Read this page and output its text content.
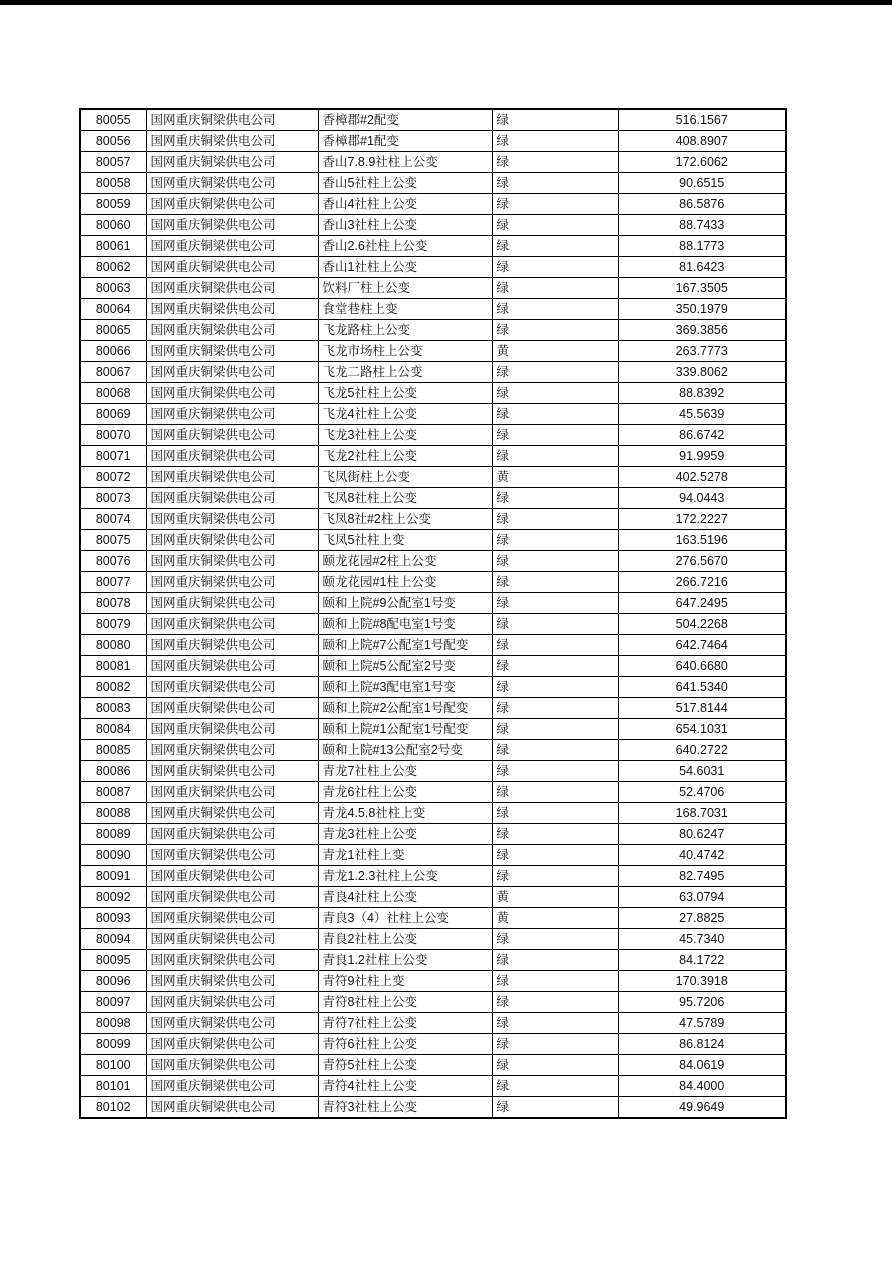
80055	国网重庆铜梁供电公司	香樟郡#2配变	绿	516.1567
80056	国网重庆铜梁供电公司	香樟郡#1配变	绿	408.8907
80057	国网重庆铜梁供电公司	香山7.8.9社柱上公变	绿	172.6062
80058	国网重庆铜梁供电公司	香山5社柱上公变	绿	90.6515
80059	国网重庆铜梁供电公司	香山4社柱上公变	绿	86.5876
80060	国网重庆铜梁供电公司	香山3社柱上公变	绿	88.7433
80061	国网重庆铜梁供电公司	香山2.6社柱上公变	绿	88.1773
80062	国网重庆铜梁供电公司	香山1社柱上公变	绿	81.6423
80063	国网重庆铜梁供电公司	饮料厂柱上公变	绿	167.3505
80064	国网重庆铜梁供电公司	食堂巷柱上变	绿	350.1979
80065	国网重庆铜梁供电公司	飞龙路柱上公变	绿	369.3856
80066	国网重庆铜梁供电公司	飞龙市场柱上公变	黄	263.7773
80067	国网重庆铜梁供电公司	飞龙二路柱上公变	绿	339.8062
80068	国网重庆铜梁供电公司	飞龙5社柱上公变	绿	88.8392
80069	国网重庆铜梁供电公司	飞龙4社柱上公变	绿	45.5639
80070	国网重庆铜梁供电公司	飞龙3社柱上公变	绿	86.6742
80071	国网重庆铜梁供电公司	飞龙2社柱上公变	绿	91.9959
80072	国网重庆铜梁供电公司	飞凤街柱上公变	黄	402.5278
80073	国网重庆铜梁供电公司	飞凤8社柱上公变	绿	94.0443
80074	国网重庆铜梁供电公司	飞凤8社#2柱上公变	绿	172.2227
80075	国网重庆铜梁供电公司	飞凤5社柱上变	绿	163.5196
80076	国网重庆铜梁供电公司	颐龙花园#2柱上公变	绿	276.5670
80077	国网重庆铜梁供电公司	颐龙花园#1柱上公变	绿	266.7216
80078	国网重庆铜梁供电公司	颐和上院#9公配室1号变	绿	647.2495
80079	国网重庆铜梁供电公司	颐和上院#8配电室1号变	绿	504.2268
80080	国网重庆铜梁供电公司	颐和上院#7公配室1号配变	绿	642.7464
80081	国网重庆铜梁供电公司	颐和上院#5公配室2号变	绿	640.6680
80082	国网重庆铜梁供电公司	颐和上院#3配电室1号变	绿	641.5340
80083	国网重庆铜梁供电公司	颐和上院#2公配室1号配变	绿	517.8144
80084	国网重庆铜梁供电公司	颐和上院#1公配室1号配变	绿	654.1031
80085	国网重庆铜梁供电公司	颐和上院#13公配室2号变	绿	640.2722
80086	国网重庆铜梁供电公司	青龙7社柱上公变	绿	54.6031
80087	国网重庆铜梁供电公司	青龙6社柱上公变	绿	52.4706
80088	国网重庆铜梁供电公司	青龙4.5.8社柱上变	绿	168.7031
80089	国网重庆铜梁供电公司	青龙3社柱上公变	绿	80.6247
80090	国网重庆铜梁供电公司	青龙1社柱上变	绿	40.4742
80091	国网重庆铜梁供电公司	青龙1.2.3社柱上公变	绿	82.7495
80092	国网重庆铜梁供电公司	青良4社柱上公变	黄	63.0794
80093	国网重庆铜梁供电公司	青良3（4）社柱上公变	黄	27.8825
80094	国网重庆铜梁供电公司	青良2社柱上公变	绿	45.7340
80095	国网重庆铜梁供电公司	青良1.2社柱上公变	绿	84.1722
80096	国网重庆铜梁供电公司	青符9社柱上变	绿	170.3918
80097	国网重庆铜梁供电公司	青符8社柱上公变	绿	95.7206
80098	国网重庆铜梁供电公司	青符7社柱上公变	绿	47.5789
80099	国网重庆铜梁供电公司	青符6社柱上公变	绿	86.8124
80100	国网重庆铜梁供电公司	青符5社柱上公变	绿	84.0619
80101	国网重庆铜梁供电公司	青符4社柱上公变	绿	84.4000
80102	国网重庆铜梁供电公司	青符3社柱上公变	绿	49.9649
